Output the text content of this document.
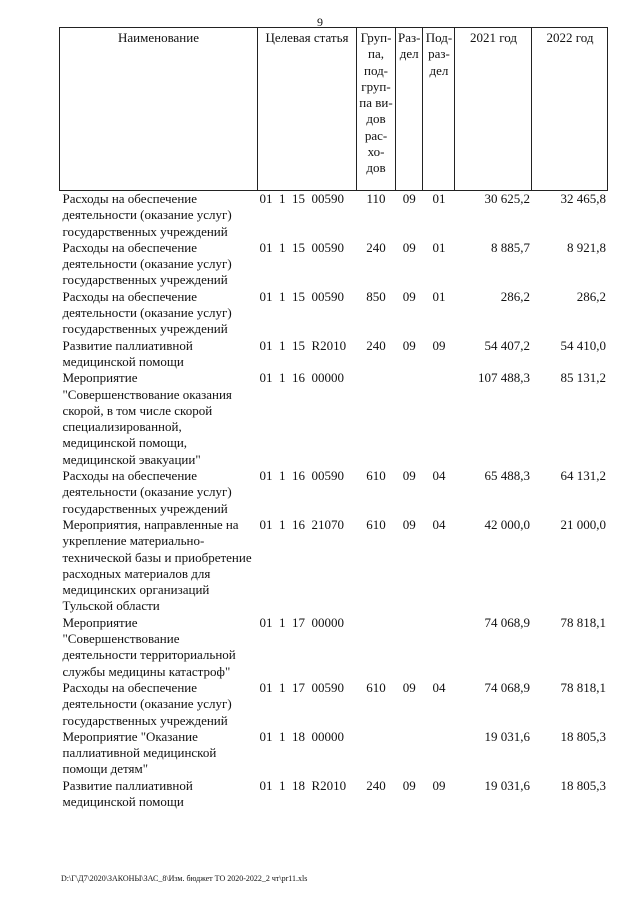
9
Наименование	Целевая статья	Груп-па, под-груп-па ви-дов рас-хо-дов	Раз-дел	Под-раз-дел	2021 год	2022 год
Расходы на обеспечение деятельности (оказание услуг) государственных учреждений	01  1  15  00590	110	09	01	30 625,2	32 465,8
Расходы на обеспечение деятельности (оказание услуг) государственных учреждений	01  1  15  00590	240	09	01	8 885,7	8 921,8
Расходы на обеспечение деятельности (оказание услуг) государственных учреждений	01  1  15  00590	850	09	01	286,2	286,2
Развитие паллиативной медицинской помощи	01  1  15  R2010	240	09	09	54 407,2	54 410,0
Мероприятие "Совершенствование оказания скорой, в том числе скорой специализированной, медицинской помощи, медицинской эвакуации"	01  1  16  00000				107 488,3	85 131,2
Расходы на обеспечение деятельности (оказание услуг) государственных учреждений	01  1  16  00590	610	09	04	65 488,3	64 131,2
Мероприятия, направленные на укрепление материально-технической базы и приобретение расходных материалов для медицинских организаций Тульской области	01  1  16  21070	610	09	04	42 000,0	21 000,0
Мероприятие "Совершенствование деятельности территориальной службы медицины катастроф"	01  1  17  00000				74 068,9	78 818,1
Расходы на обеспечение деятельности (оказание услуг) государственных учреждений	01  1  17  00590	610	09	04	74 068,9	78 818,1
Мероприятие "Оказание паллиативной медицинской помощи детям"	01  1  18  00000				19 031,6	18 805,3
Развитие паллиативной медицинской помощи	01  1  18  R2010	240	09	09	19 031,6	18 805,3
D:\Г\Д7\2020\ЗАКОНЫ\ЗАС_8\Изм. бюджет ТО 2020-2022_2 чт\pr11.xls
